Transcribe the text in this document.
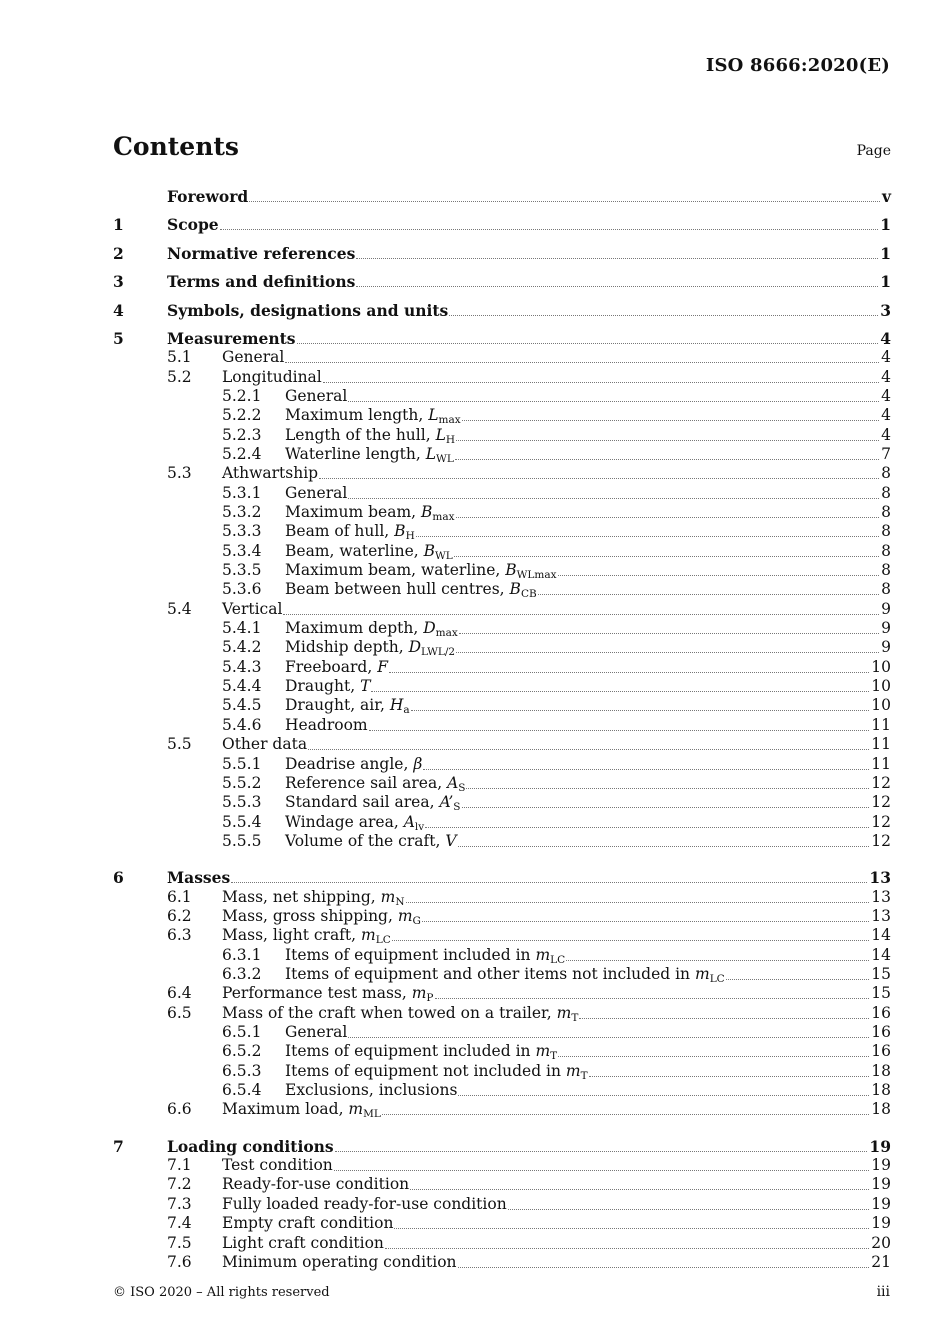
ISO 8666:2020(E)
Contents	Page
Foreword	v
1	Scope	1
2	Normative references	1
3	Terms and definitions	1
4	Symbols, designations and units	3
5	Measurements	4
5.1	General	4
5.2	Longitudinal	4
5.2.1	General	4
5.2.2	Maximum length, $L_{max}$	4
5.2.3	Length of the hull, $L_H$	4
5.2.4	Waterline length, $L_{WL}$	7
5.3	Athwartship	8
5.3.1	General	8
5.3.2	Maximum beam, $B_{max}$	8
5.3.3	Beam of hull, $B_H$	8
5.3.4	Beam, waterline, $B_{WL}$	8
5.3.5	Maximum beam, waterline, $B_{WLmax}$	8
5.3.6	Beam between hull centres, $B_{CB}$	8
5.4	Vertical	9
5.4.1	Maximum depth, $D_{max}$	9
5.4.2	Midship depth, $D_{LWL/2}$	9
5.4.3	Freeboard, F	10
5.4.4	Draught, T	10
5.4.5	Draught, air, $H_a$	10
5.4.6	Headroom	11
5.5	Other data	11
5.5.1	Deadrise angle, β	11
5.5.2	Reference sail area, $A_S$	12
5.5.3	Standard sail area, $A’_S$	12
5.5.4	Windage area, $A_{lv}$	12
5.5.5	Volume of the craft, V	12
6	Masses	13
6.1	Mass, net shipping, $m_N$	13
6.2	Mass, gross shipping, $m_G$	13
6.3	Mass, light craft, $m_{LC}$	14
6.3.1	Items of equipment included in $m_{LC}$	14
6.3.2	Items of equipment and other items not included in $m_{LC}$	15
6.4	Performance test mass, $m_P$	15
6.5	Mass of the craft when towed on a trailer, $m_T$	16
6.5.1	General	16
6.5.2	Items of equipment included in $m_T$	16
6.5.3	Items of equipment not included in $m_T$	18
6.5.4	Exclusions, inclusions	18
6.6	Maximum load, $m_{ML}$	18
7	Loading conditions	19
7.1	Test condition	19
7.2	Ready-for-use condition	19
7.3	Fully loaded ready-for-use condition	19
7.4	Empty craft condition	19
7.5	Light craft condition	20
7.6	Minimum operating condition	21
© ISO 2020 – All rights reserved	iii
